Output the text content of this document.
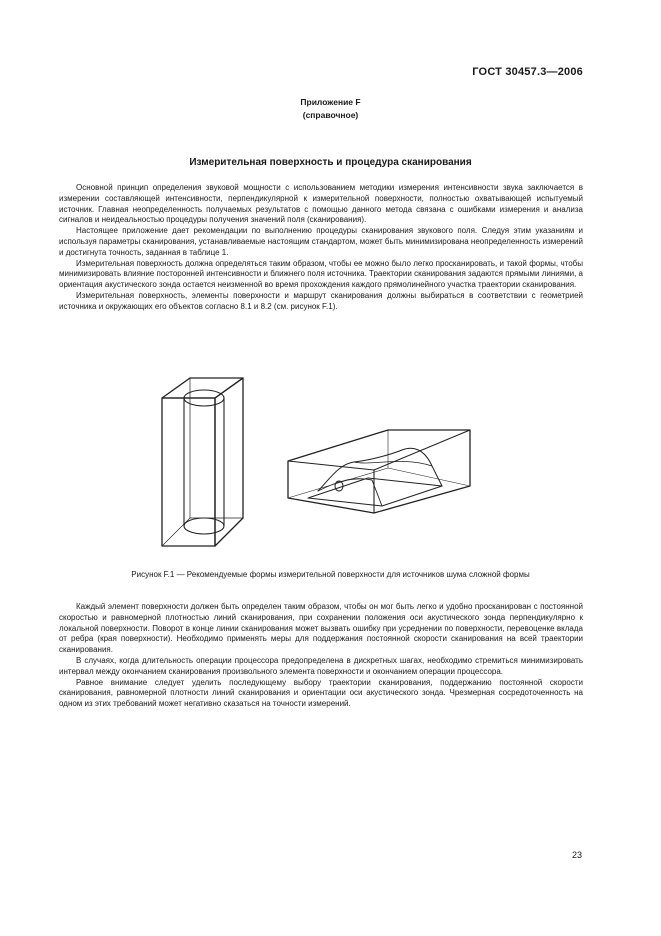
ГОСТ 30457.3—2006
Приложение F
(справочное)
Измерительная поверхность и процедура сканирования

Основной принцип определения звуковой мощности с использованием методики измерения интенсивности звука заключается в измерении составляющей интенсивности, перпендикулярной к измерительной поверхности, полностью охватывающей испытуемый источник. Главная неопределенность получаемых результатов с помощью данного метода связана с ошибками измерения и анализа сигналов и неидеальностью процедуры получения значений поля (сканирования).

Настоящее приложение дает рекомендации по выполнению процедуры сканирования звукового поля. Следуя этим указаниям и используя параметры сканирования, устанавливаемые настоящим стандартом, может быть минимизирована неопределенность измерений и достигнута точность, заданная в таблице 1.

Измерительная поверхность должна определяться таким образом, чтобы ее можно было легко просканировать, и такой формы, чтобы минимизировать влияние посторонней интенсивности и ближнего поля источника. Траектории сканирования задаются прямыми линиями, а ориентация акустического зонда остается неизменной во время прохождения каждого прямолинейного участка траектории сканирования.

Измерительная поверхность, элементы поверхности и маршрут сканирования должны выбираться в соответствии с геометрией источника и окружающих его объектов согласно 8.1 и 8.2 (см. рисунок F.1).

Рисунок F.1 — Рекомендуемые формы измерительной поверхности для источников шума сложной формы

Каждый элемент поверхности должен быть определен таким образом, чтобы он мог быть легко и удобно просканирован с постоянной скоростью и равномерной плотностью линий сканирования, при сохранении положения оси акустического зонда перпендикулярно к локальной поверхности. Поворот в конце линии сканирования может вызвать ошибку при усреднении по поверхности, перевоценке вклада от ребра (края поверхности). Необходимо применять меры для поддержания постоянной скорости сканирования на всей траектории сканирования.

В случаях, когда длительность операции процессора предопределена в дискретных шагах, необходимо стремиться минимизировать интервал между окончанием сканирования произвольного элемента поверхности и окончанием операции процессора.

Равное внимание следует уделить последующему выбору траектории сканирования, поддержанию постоянной скорости сканирования, равномерной плотности линий сканирования и ориентации оси акустического зонда. Чрезмерная сосредоточенность на одном из этих требований может негативно сказаться на точности измерений.

23
